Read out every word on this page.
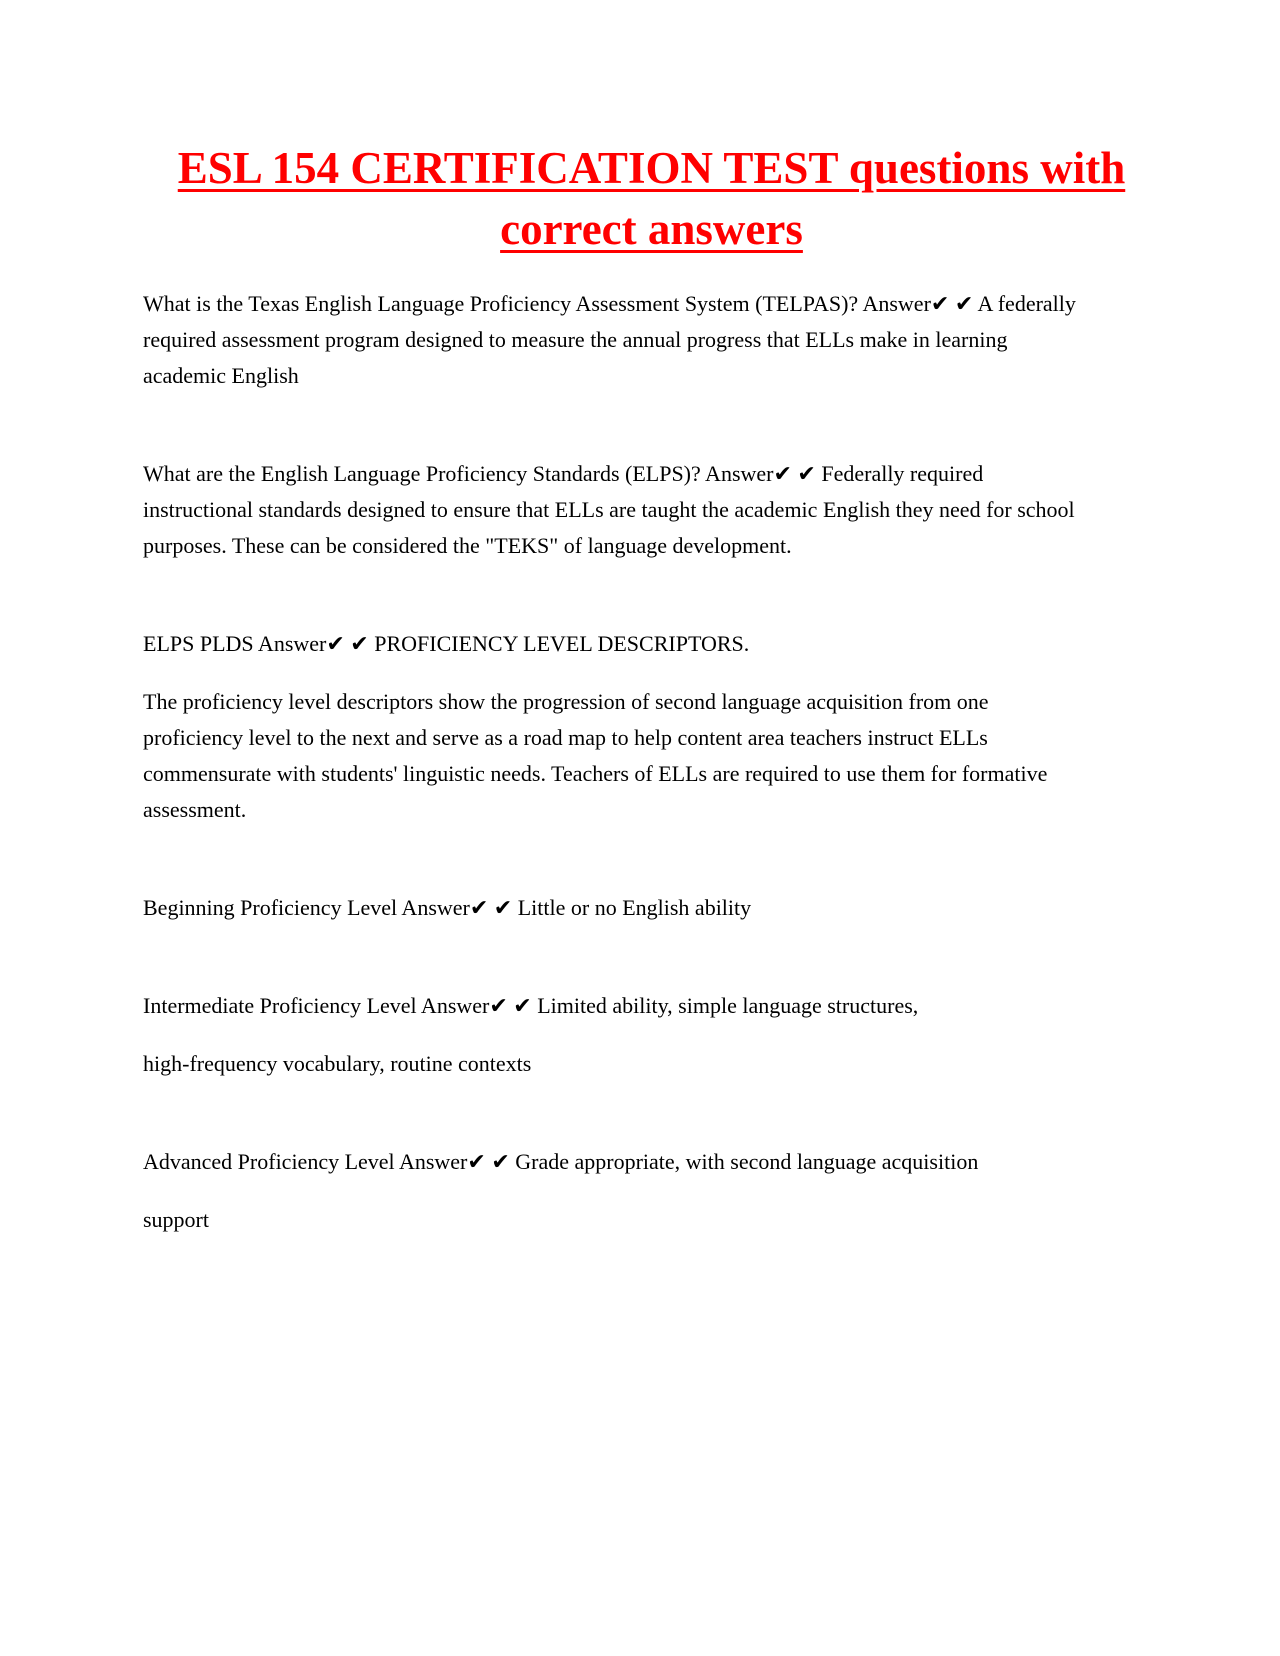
ESL 154 CERTIFICATION TEST questions with correct answers

What is the Texas English Language Proficiency Assessment System (TELPAS)? Answer✔ ✔ A federally required assessment program designed to measure the annual progress that ELLs make in learning academic English

What are the English Language Proficiency Standards (ELPS)? Answer✔ ✔ Federally required instructional standards designed to ensure that ELLs are taught the academic English they need for school purposes. These can be considered the "TEKS" of language development.

ELPS PLDS Answer✔ ✔ PROFICIENCY LEVEL DESCRIPTORS.

The proficiency level descriptors show the progression of second language acquisition from one proficiency level to the next and serve as a road map to help content area teachers instruct ELLs commensurate with students' linguistic needs. Teachers of ELLs are required to use them for formative assessment.

Beginning Proficiency Level Answer✔ ✔ Little or no English ability

Intermediate Proficiency Level Answer✔ ✔ Limited ability, simple language structures,

high-frequency vocabulary, routine contexts

Advanced Proficiency Level Answer✔ ✔ Grade appropriate, with second language acquisition

support
